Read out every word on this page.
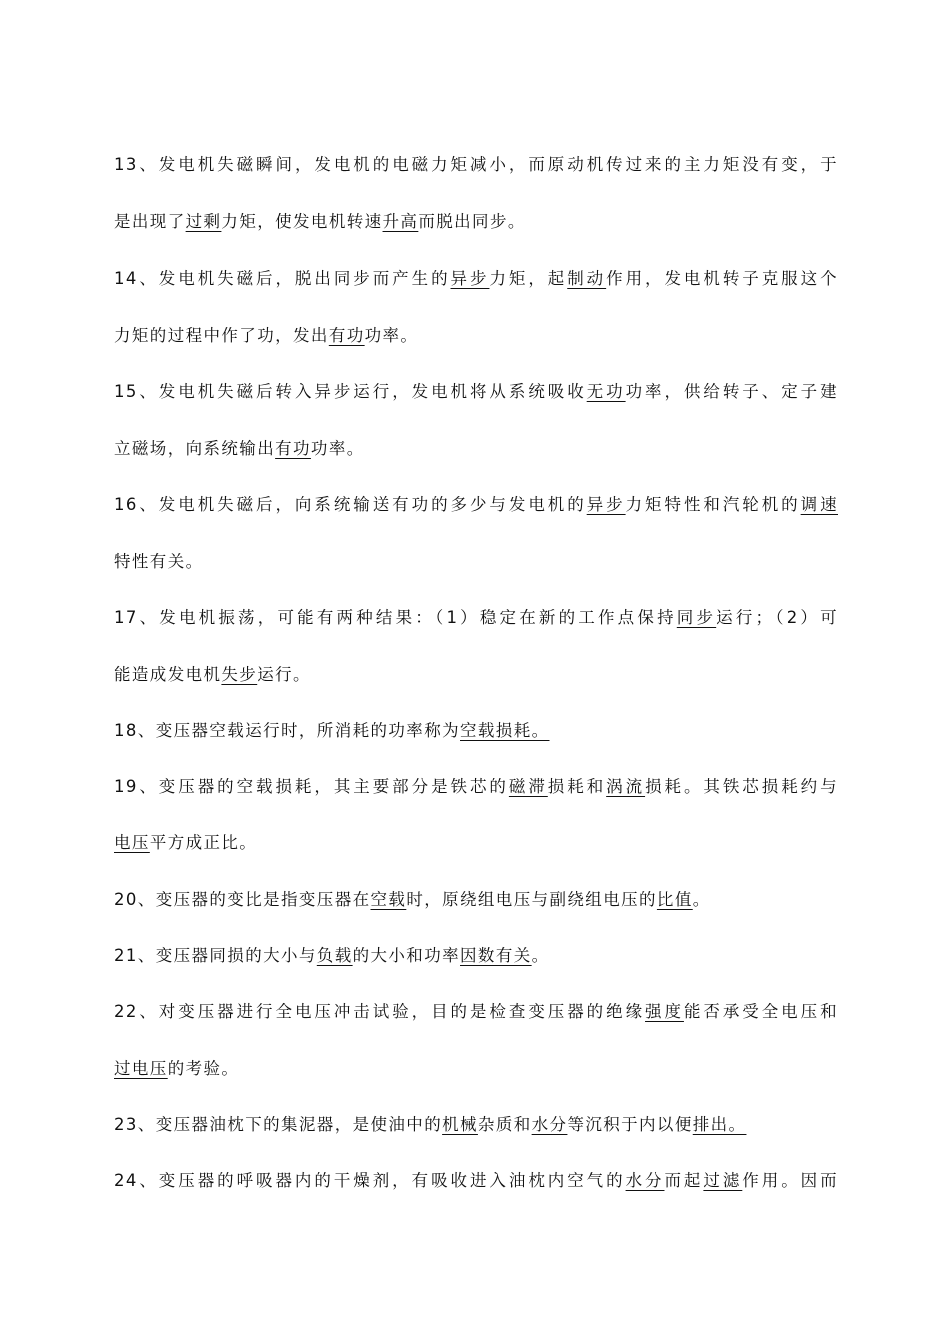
13、发电机失磁瞬间，发电机的电磁力矩减小，而原动机传过来的主力矩没有变，于
是出现了过剩力矩，使发电机转速升高而脱出同步。
14、发电机失磁后，脱出同步而产生的异步力矩，起制动作用，发电机转子克服这个
力矩的过程中作了功，发出有功功率。
15、发电机失磁后转入异步运行，发电机将从系统吸收无功功率，供给转子、定子建
立磁场，向系统输出有功功率。
16、发电机失磁后，向系统输送有功的多少与发电机的异步力矩特性和汽轮机的调速
特性有关。
17、发电机振荡，可能有两种结果：（1）稳定在新的工作点保持同步运行；（2）可
能造成发电机失步运行。
18、变压器空载运行时，所消耗的功率称为空载损耗。
19、变压器的空载损耗，其主要部分是铁芯的磁滞损耗和涡流损耗。其铁芯损耗约与
电压平方成正比。
20、变压器的变比是指变压器在空载时，原绕组电压与副绕组电压的比值。
21、变压器同损的大小与负载的大小和功率因数有关。
22、对变压器进行全电压冲击试验，目的是检查变压器的绝缘强度能否承受全电压和
过电压的考验。
23、变压器油枕下的集泥器，是使油中的机械杂质和水分等沉积于内以便排出。
24、变压器的呼吸器内的干燥剂，有吸收进入油枕内空气的水分而起过滤作用。因而
